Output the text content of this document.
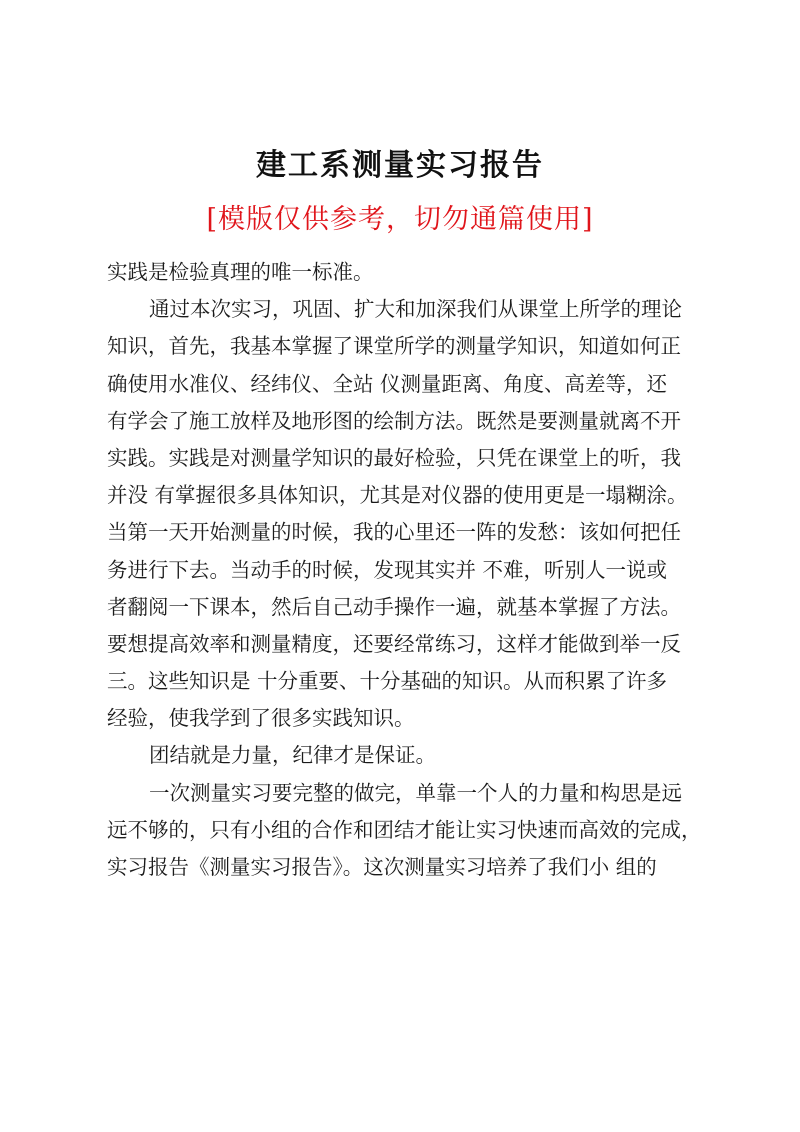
建工系测量实习报告
[模版仅供参考，切勿通篇使用]
实践是检验真理的唯一标准。
通过本次实习，巩固、扩大和加深我们从课堂上所学的理论
知识，首先，我基本掌握了课堂所学的测量学知识，知道如何正
确使用水准仪、经纬仪、全站 仪测量距离、角度、高差等，还
有学会了施工放样及地形图的绘制方法。既然是要测量就离不开
实践。实践是对测量学知识的最好检验，只凭在课堂上的听，我
并没 有掌握很多具体知识，尤其是对仪器的使用更是一塌糊涂。
当第一天开始测量的时候，我的心里还一阵的发愁：该如何把任
务进行下去。当动手的时候，发现其实并 不难，听别人一说或
者翻阅一下课本，然后自己动手操作一遍，就基本掌握了方法。
要想提高效率和测量精度，还要经常练习，这样才能做到举一反
三。这些知识是 十分重要、十分基础的知识。从而积累了许多
经验，使我学到了很多实践知识。
团结就是力量，纪律才是保证。
一次测量实习要完整的做完，单靠一个人的力量和构思是远
远不够的，只有小组的合作和团结才能让实习快速而高效的完成，
实习报告《测量实习报告》。这次测量实习培养了我们小 组的
